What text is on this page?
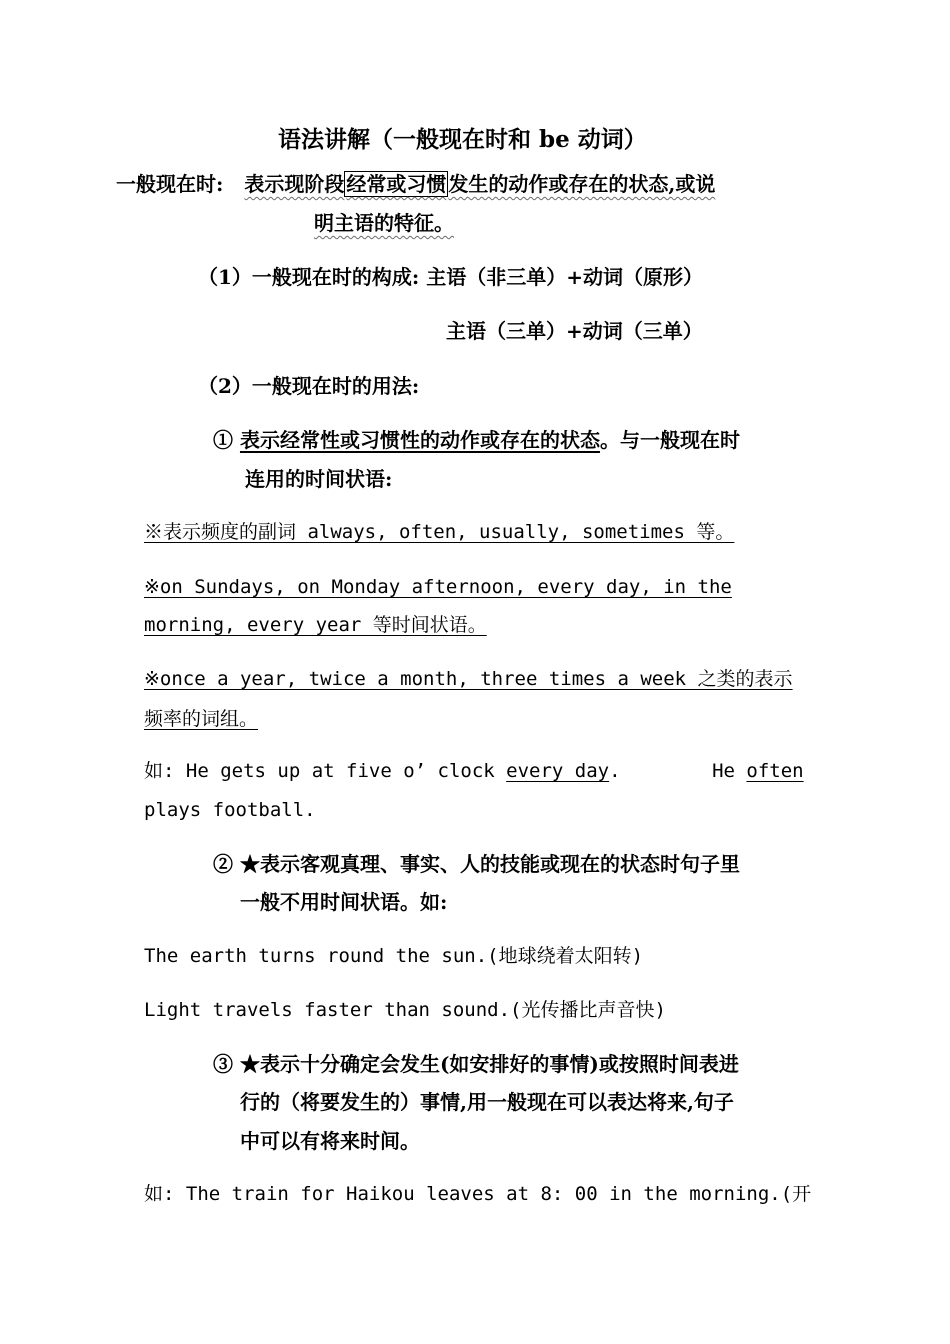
语法讲解（一般现在时和 be 动词）
一般现在时: 表示现阶段 经常或习惯 发生的动作或存在的状态,或说
明主语的特征。
（1）一般现在时的构成: 主语（非三单）+动词（原形）
主语（三单）+动词（三单）
（2）一般现在时的用法:
① 表示经常性或习惯性的动作或存在的状态。与一般现在时
连用的时间状语:
※表示频度的副词 always, often, usually, sometimes 等。
※on Sundays, on Monday afternoon, every day, in the
morning, every year 等时间状语。
※once a year, twice a month, three times a week 之类的表示
频率的词组。
如: He gets up at five o’ clock every day.        He often
plays football.
② ★表示客观真理、事实、人的技能或现在的状态时句子里
一般不用时间状语。如:
The earth turns round the sun.(地球绕着太阳转)
Light travels faster than sound.(光传播比声音快)
③ ★表示十分确定会发生(如安排好的事情)或按照时间表进
行的（将要发生的）事情,用一般现在可以表达将来,句子
中可以有将来时间。
如: The train for Haikou leaves at 8: 00 in the morning.(开
